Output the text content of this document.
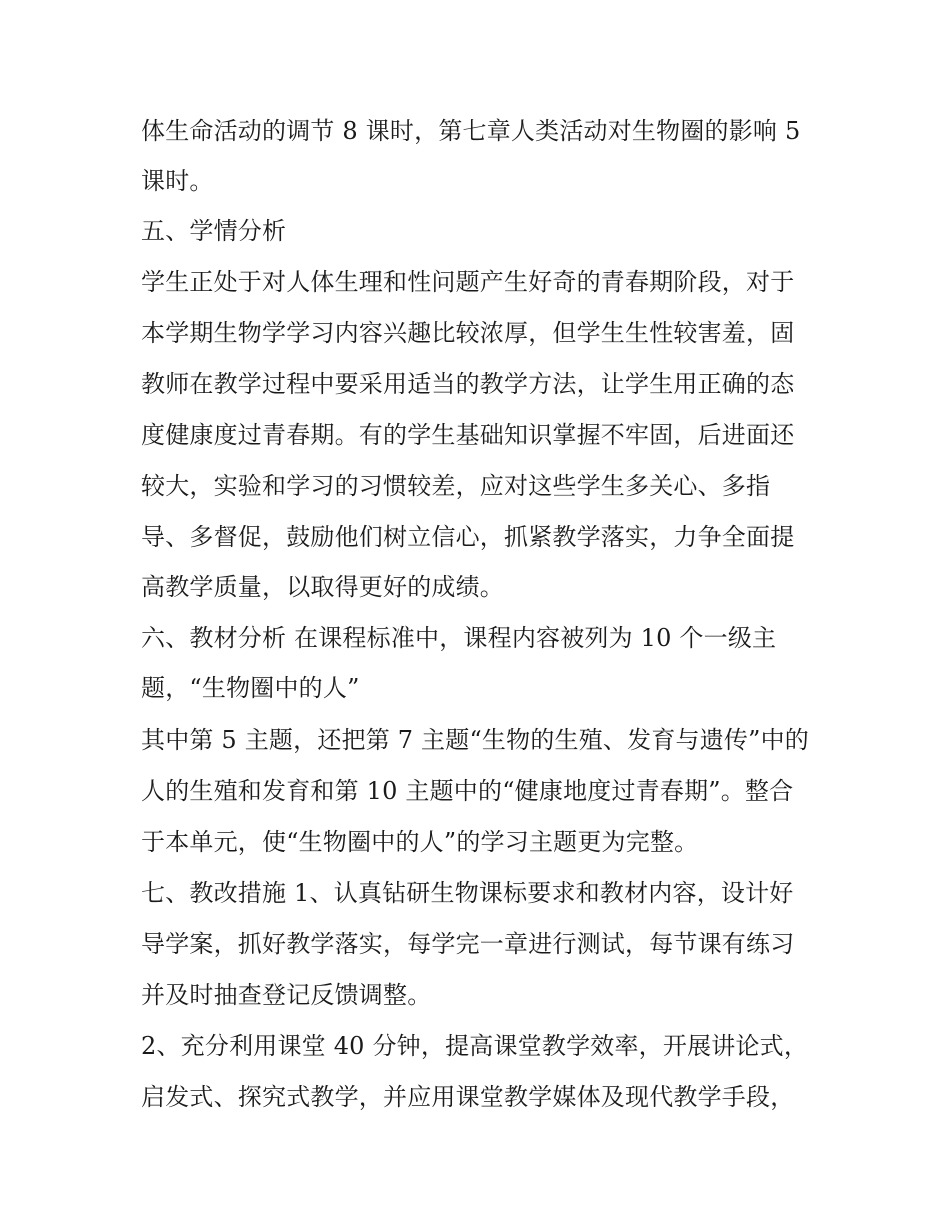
体生命活动的调节 8 课时，第七章人类活动对生物圈的影响 5
课时。
五、学情分析
学生正处于对人体生理和性问题产生好奇的青春期阶段，对于
本学期生物学学习内容兴趣比较浓厚，但学生生性较害羞，固
教师在教学过程中要采用适当的教学方法，让学生用正确的态
度健康度过青春期。有的学生基础知识掌握不牢固，后进面还
较大，实验和学习的习惯较差，应对这些学生多关心、多指
导、多督促，鼓励他们树立信心，抓紧教学落实，力争全面提
高教学质量，以取得更好的成绩。
六、教材分析 在课程标准中，课程内容被列为 10 个一级主
题，“生物圈中的人”
其中第 5 主题，还把第 7 主题“生物的生殖、发育与遗传”中的
人的生殖和发育和第 10 主题中的“健康地度过青春期”。整合
于本单元，使“生物圈中的人”的学习主题更为完整。
七、教改措施 1、认真钻研生物课标要求和教材内容，设计好
导学案，抓好教学落实，每学完一章进行测试，每节课有练习
并及时抽查登记反馈调整。
2、充分利用课堂 40 分钟，提高课堂教学效率，开展讲论式，
启发式、探究式教学，并应用课堂教学媒体及现代教学手段，
